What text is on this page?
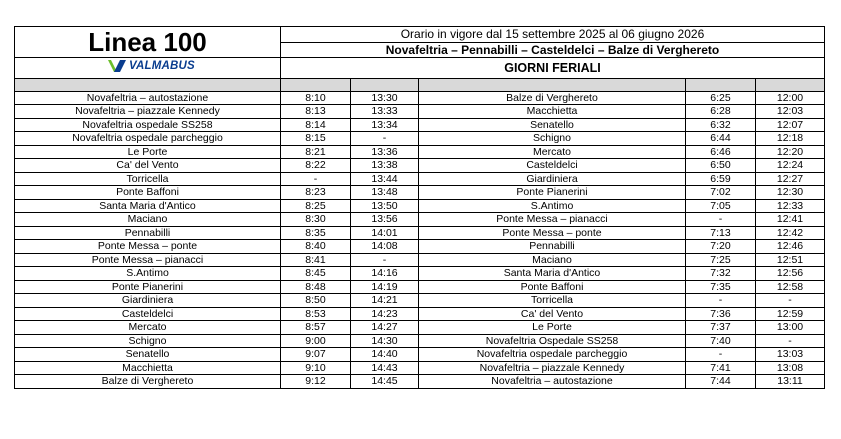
Linea 100	Orario in vigore dal 15 settembre 2025 al 06 giugno 2026
	Novafeltria – Pennabilli – Casteldelci – Balze di Verghereto

VALMABUS	GIORNI FERIALI

Novafeltria – autostazione	8:10	13:30	Balze di Verghereto	6:25	12:00
Novafeltria – piazzale Kennedy	8:13	13:33	Macchietta	6:28	12:03
Novafeltria ospedale SS258	8:14	13:34	Senatello	6:32	12:07
Novafeltria ospedale parcheggio	8:15	-	Schigno	6:44	12:18
Le Porte	8:21	13:36	Mercato	6:46	12:20
Ca' del Vento	8:22	13:38	Casteldelci	6:50	12:24
Torricella	-	13:44	Giardiniera	6:59	12:27
Ponte Baffoni	8:23	13:48	Ponte Pianerini	7:02	12:30
Santa Maria d'Antico	8:25	13:50	S.Antimo	7:05	12:33
Maciano	8:30	13:56	Ponte Messa – pianacci	-	12:41
Pennabilli	8:35	14:01	Ponte Messa – ponte	7:13	12:42
Ponte Messa – ponte	8:40	14:08	Pennabilli	7:20	12:46
Ponte Messa – pianacci	8:41	-	Maciano	7:25	12:51
S.Antimo	8:45	14:16	Santa Maria d'Antico	7:32	12:56
Ponte Pianerini	8:48	14:19	Ponte Baffoni	7:35	12:58
Giardiniera	8:50	14:21	Torricella	-	-
Casteldelci	8:53	14:23	Ca' del Vento	7:36	12:59
Mercato	8:57	14:27	Le Porte	7:37	13:00
Schigno	9:00	14:30	Novafeltria Ospedale SS258	7:40	-
Senatello	9:07	14:40	Novafeltria ospedale parcheggio	-	13:03
Macchietta	9:10	14:43	Novafeltria – piazzale Kennedy	7:41	13:08
Balze di Verghereto	9:12	14:45	Novafeltria – autostazione	7:44	13:11
